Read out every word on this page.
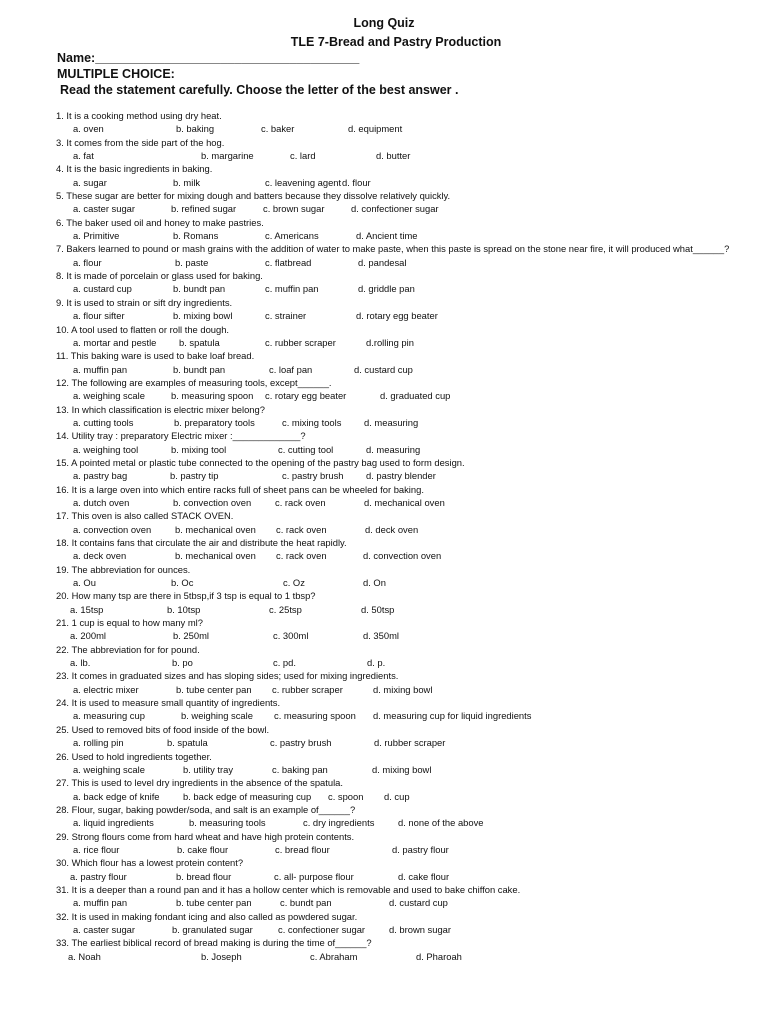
Long Quiz
TLE 7-Bread and Pastry Production
Name:______________________________________
MULTIPLE CHOICE:
Read the statement carefully. Choose the letter of the best answer .
1. It is a cooking method using dry heat.
a. oven	b. baking	c. baker	d. equipment
3. It comes from the side part of the hog.
a. fat	b. margarine	c. lard	d. butter
4. It is the basic ingredients in baking.
a. sugar	b. milk	c. leavening agent d. flour
5. These sugar are better for mixing dough and batters because they dissolve relatively quickly.
a. caster sugar	b. refined sugar	c. brown sugar	d. confectioner sugar
6. The baker used oil and honey to make pastries.
a. Primitive	b. Romans	c. Americans	d. Ancient time
7. Bakers learned to pound or mash grains with the addition of water to make paste, when this paste is spread on the stone near fire, it will produced what______?
a. flour	b. paste	c. flatbread	d. pandesal
8. It is made of porcelain or glass used for baking.
a. custard cup	b. bundt pan	c. muffin pan	d. griddle pan
9. It is used to strain or sift dry ingredients.
a. flour sifter	b. mixing bowl	c. strainer	d. rotary egg beater
10. A tool used to flatten or roll the dough.
a. mortar and pestle b. spatula	c. rubber scraper	d.rolling pin
11. This baking ware is used to bake loaf bread.
a. muffin pan	b. bundt pan	c. loaf pan	d. custard cup
12. The following are examples of measuring tools, except______.
a. weighing scale	b. measuring spoon c. rotary egg beater	d. graduated cup
13. In which classification is electric mixer belong?
a. cutting tools	b. preparatory tools	c. mixing tools d. measuring
14. Utility tray : preparatory Electric mixer :_____________?
a. weighing tool	b. mixing tool	c. cutting tool	d. measuring
15. A pointed metal or plastic tube connected to the opening of the pastry bag used to form design.
a. pastry bag	b. pastry tip	c. pastry brush d. pastry blender
16. It is a large oven into which entire racks full of sheet pans can be wheeled for baking.
a. dutch oven	b. convection oven	c. rack oven	d. mechanical oven
17. This oven is also called STACK OVEN.
a. convection oven	b. mechanical oven c. rack oven	d. deck oven
18. It contains fans that circulate the air and distribute the heat rapidly.
a. deck oven	b. mechanical oven c. rack oven	d. convection oven
19. The abbreviation for ounces.
a. Ou	b. Oc	c. Oz	d. On
20. How many tsp are there in 5tbsp,if 3 tsp is equal to 1 tbsp?
a. 15tsp	b. 10tsp	c. 25tsp	d. 50tsp
21. 1 cup is equal to how many ml?
a. 200ml	b. 250ml	c. 300ml	d. 350ml
22. The abbreviation for for pound.
a. lb.	b. po	c. pd.	d. p.
23. It comes in graduated sizes and has sloping sides; used for mixing ingredients.
a. electric mixer	b. tube center pan c. rubber scraper	d. mixing bowl
24. It is used to measure small quantity of ingredients.
a. measuring cup	b. weighing scale c. measuring spoon d. measuring cup for liquid ingredients
25. Used to removed bits of food inside of the bowl.
a. rolling pin	b. spatula	c. pastry brush	d. rubber scraper
26. Used to hold ingredients together.
a. weighing scale	b. utility tray	c. baking pan	d. mixing bowl
27. This is used to level dry ingredients in the absence of the spatula.
a. back edge of knife b. back edge of measuring cup c. spoon d. cup
28. Flour, sugar, baking powder/soda, and salt is an example of______?
a. liquid ingredients	b. measuring tools	c. dry ingredients	d. none of the above
29. Strong flours come from hard wheat and have high protein contents.
a. rice flour	b. cake flour	c. bread flour	d. pastry flour
30. Which flour has a lowest protein content?
a. pastry flour	b. bread flour	c. all- purpose flour	d. cake flour
31. It is a deeper than a round pan and it has a hollow center which is removable and used to bake chiffon cake.
a. muffin pan	b. tube center pan	c. bundt pan	d. custard cup
32. It is used in making fondant icing and also called as powdered sugar.
a. caster sugar	b. granulated sugar	c. confectioner sugar	d. brown sugar
33. The earliest biblical record of bread making is during the time of______?
a. Noah	b. Joseph	c. Abraham	d. Pharoah
